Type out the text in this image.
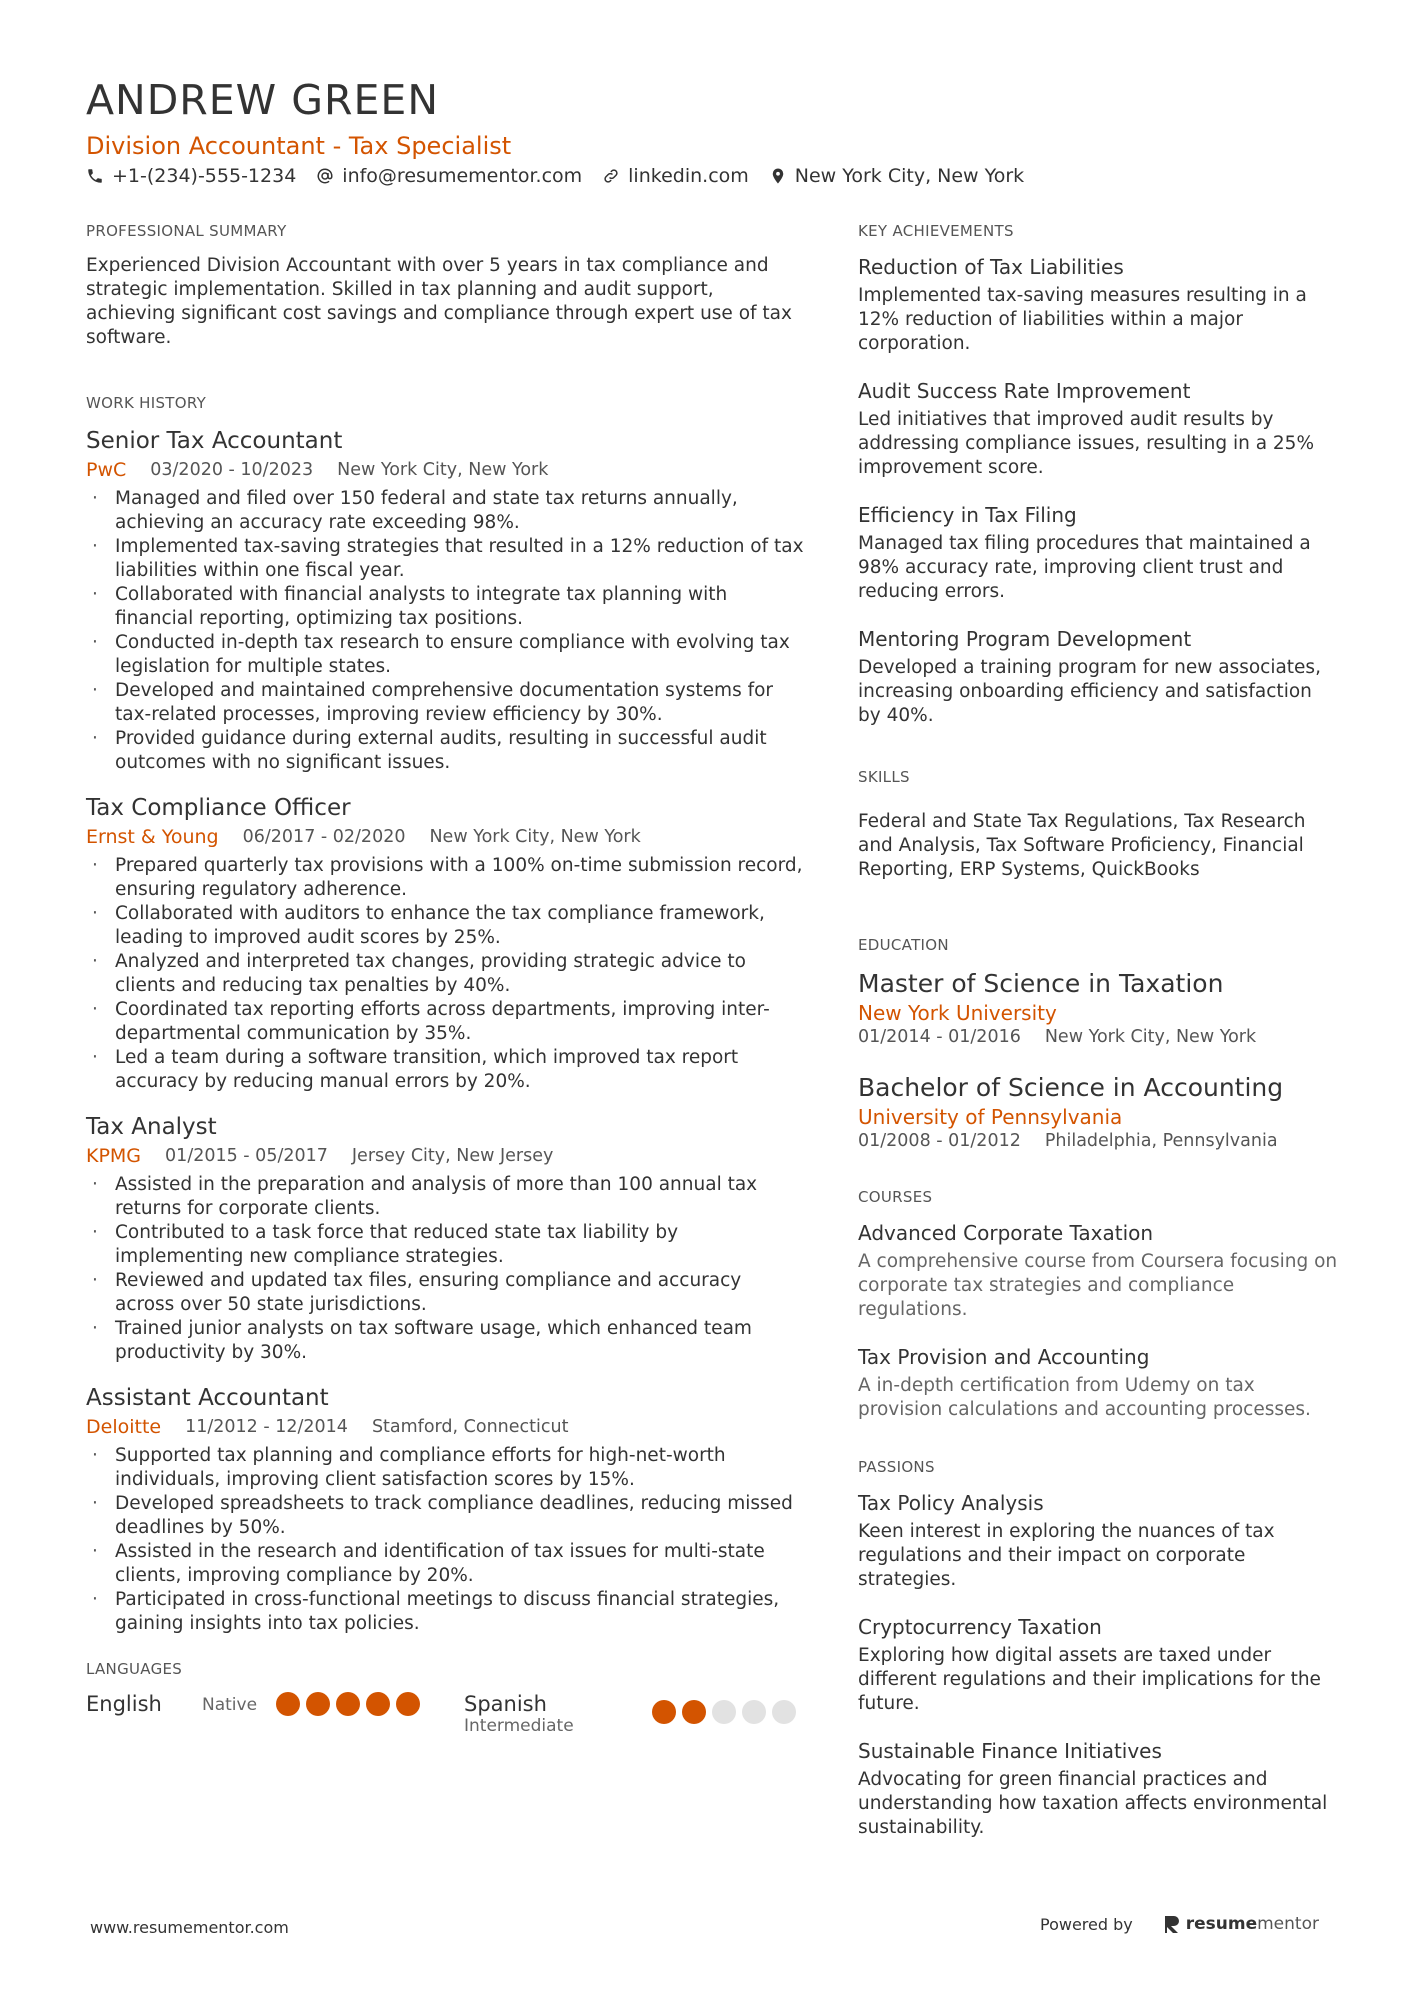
ANDREW GREEN
Division Accountant - Tax Specialist
+1-(234)-555-1234 info@resumementor.com linkedin.com New York City, New York
PROFESSIONAL SUMMARY
Experienced Division Accountant with over 5 years in tax compliance and strategic implementation. Skilled in tax planning and audit support, achieving significant cost savings and compliance through expert use of tax software.
WORK HISTORY
Senior Tax Accountant
PwC 03/2020 - 10/2023 New York City, New York
· Managed and filed over 150 federal and state tax returns annually, achieving an accuracy rate exceeding 98%.
· Implemented tax-saving strategies that resulted in a 12% reduction of tax liabilities within one fiscal year.
· Collaborated with financial analysts to integrate tax planning with financial reporting, optimizing tax positions.
· Conducted in-depth tax research to ensure compliance with evolving tax legislation for multiple states.
· Developed and maintained comprehensive documentation systems for tax-related processes, improving review efficiency by 30%.
· Provided guidance during external audits, resulting in successful audit outcomes with no significant issues.
Tax Compliance Officer
Ernst & Young 06/2017 - 02/2020 New York City, New York
· Prepared quarterly tax provisions with a 100% on-time submission record, ensuring regulatory adherence.
· Collaborated with auditors to enhance the tax compliance framework, leading to improved audit scores by 25%.
· Analyzed and interpreted tax changes, providing strategic advice to clients and reducing tax penalties by 40%.
· Coordinated tax reporting efforts across departments, improving inter-departmental communication by 35%.
· Led a team during a software transition, which improved tax report accuracy by reducing manual errors by 20%.
Tax Analyst
KPMG 01/2015 - 05/2017 Jersey City, New Jersey
· Assisted in the preparation and analysis of more than 100 annual tax returns for corporate clients.
· Contributed to a task force that reduced state tax liability by implementing new compliance strategies.
· Reviewed and updated tax files, ensuring compliance and accuracy across over 50 state jurisdictions.
· Trained junior analysts on tax software usage, which enhanced team productivity by 30%.
Assistant Accountant
Deloitte 11/2012 - 12/2014 Stamford, Connecticut
· Supported tax planning and compliance efforts for high-net-worth individuals, improving client satisfaction scores by 15%.
· Developed spreadsheets to track compliance deadlines, reducing missed deadlines by 50%.
· Assisted in the research and identification of tax issues for multi-state clients, improving compliance by 20%.
· Participated in cross-functional meetings to discuss financial strategies, gaining insights into tax policies.
LANGUAGES
English	Native	Spanish
Intermediate
KEY ACHIEVEMENTS
Reduction of Tax Liabilities
Implemented tax-saving measures resulting in a 12% reduction of liabilities within a major corporation.
Audit Success Rate Improvement
Led initiatives that improved audit results by addressing compliance issues, resulting in a 25% improvement score.
Efficiency in Tax Filing
Managed tax filing procedures that maintained a 98% accuracy rate, improving client trust and reducing errors.
Mentoring Program Development
Developed a training program for new associates, increasing onboarding efficiency and satisfaction by 40%.
SKILLS
Federal and State Tax Regulations, Tax Research and Analysis, Tax Software Proficiency, Financial Reporting, ERP Systems, QuickBooks
EDUCATION
Master of Science in Taxation
New York University
01/2014 - 01/2016 New York City, New York
Bachelor of Science in Accounting
University of Pennsylvania
01/2008 - 01/2012 Philadelphia, Pennsylvania
COURSES
Advanced Corporate Taxation
A comprehensive course from Coursera focusing on corporate tax strategies and compliance regulations.
Tax Provision and Accounting
A in-depth certification from Udemy on tax provision calculations and accounting processes.
PASSIONS
Tax Policy Analysis
Keen interest in exploring the nuances of tax regulations and their impact on corporate strategies.
Cryptocurrency Taxation
Exploring how digital assets are taxed under different regulations and their implications for the future.
Sustainable Finance Initiatives
Advocating for green financial practices and understanding how taxation affects environmental sustainability.
www.resumementor.com	Powered by	resume mentor
